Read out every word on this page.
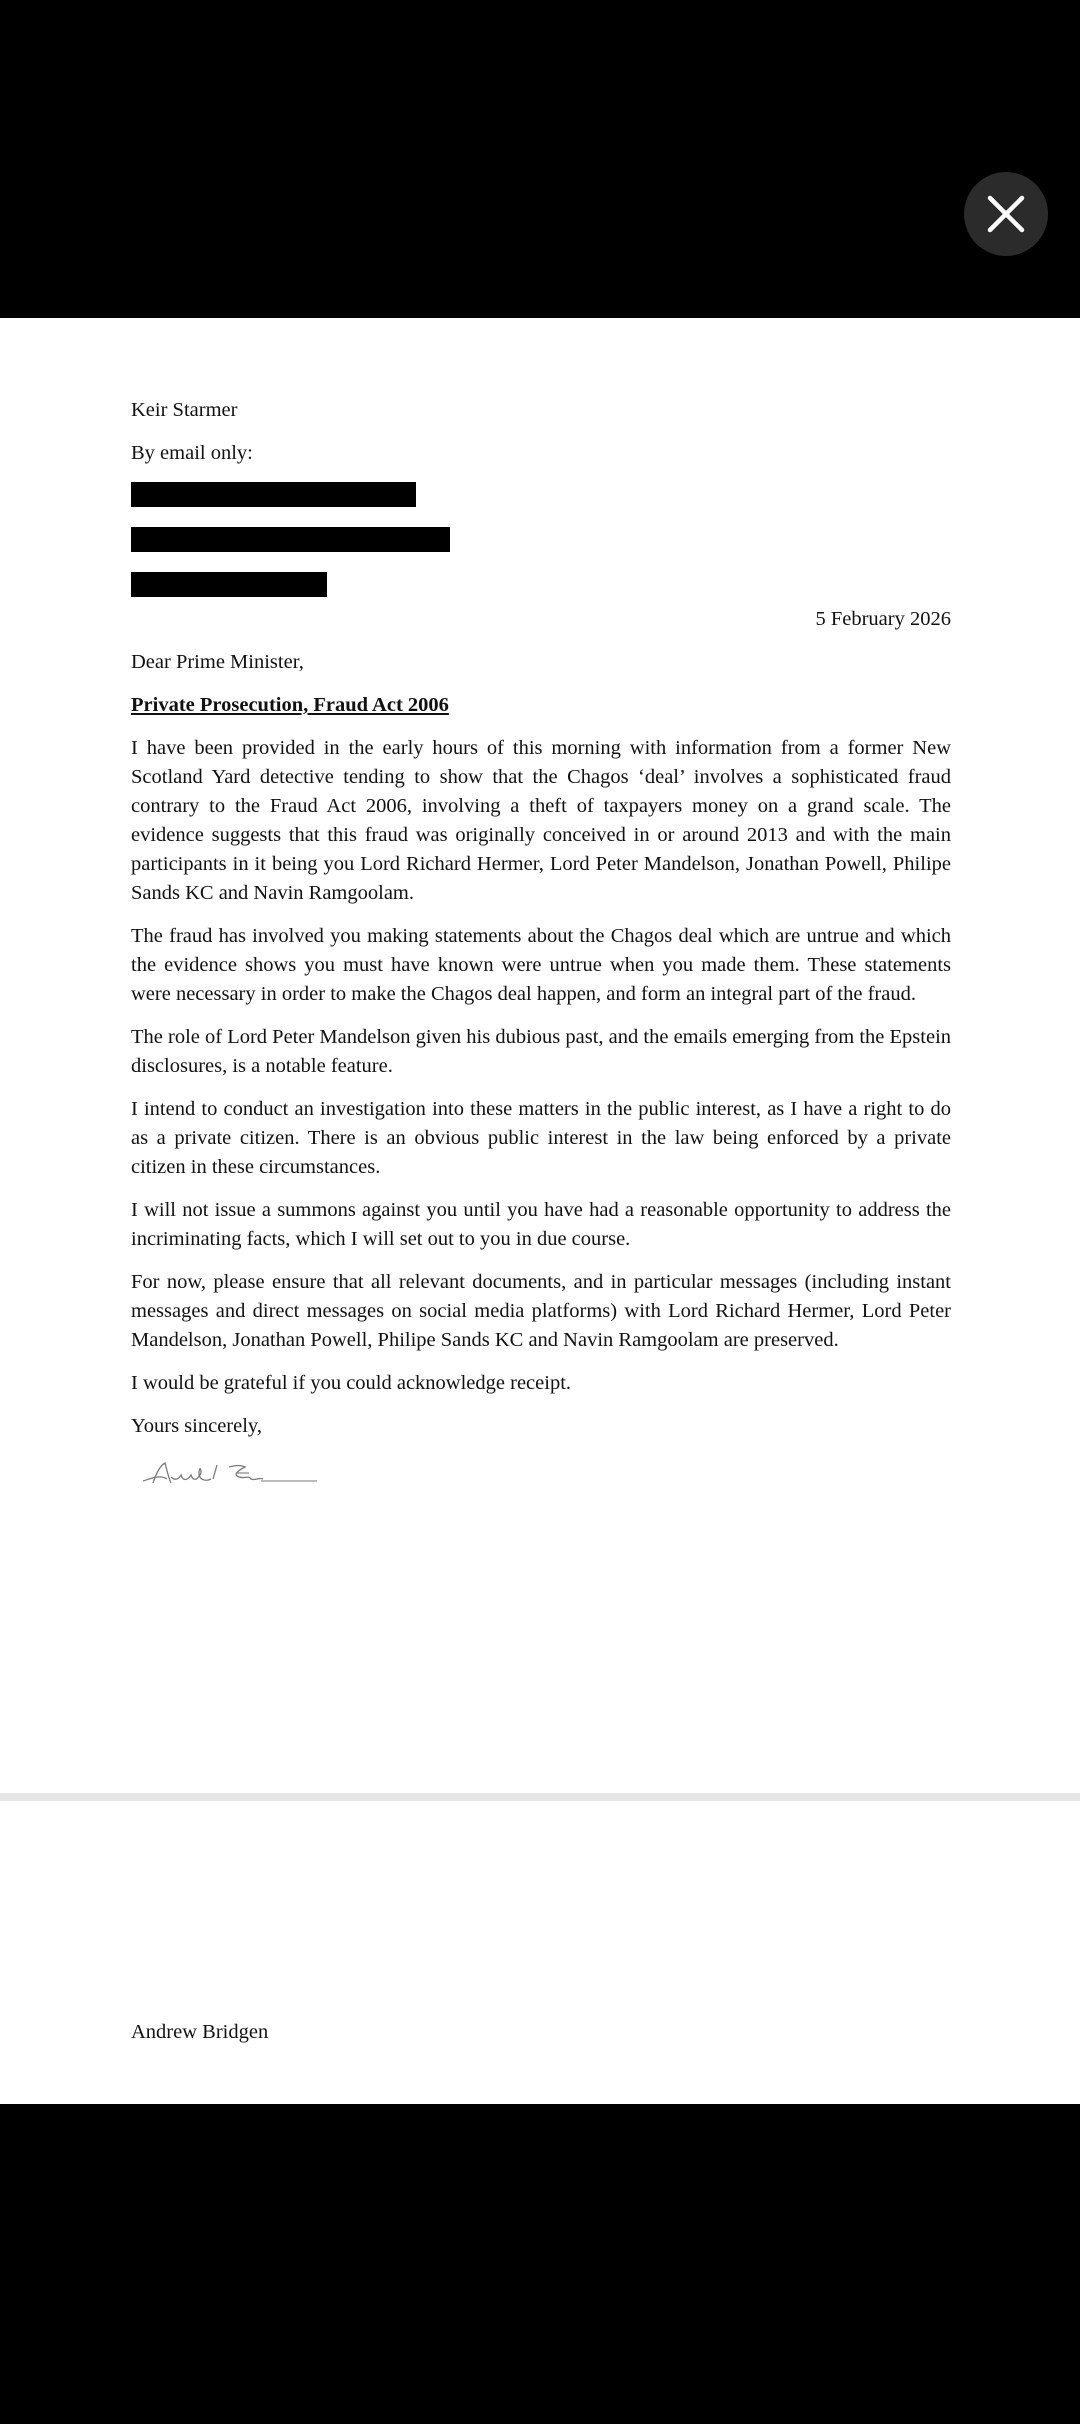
Keir Starmer

By email only:

5 February 2026

Dear Prime Minister,

Private Prosecution, Fraud Act 2006

I have been provided in the early hours of this morning with information from a former New Scotland Yard detective tending to show that the Chagos ‘deal’ involves a sophisticated fraud contrary to the Fraud Act 2006, involving a theft of taxpayers money on a grand scale. The evidence suggests that this fraud was originally conceived in or around 2013 and with the main participants in it being you Lord Richard Hermer, Lord Peter Mandelson, Jonathan Powell, Philipe Sands KC and Navin Ramgoolam.

The fraud has involved you making statements about the Chagos deal which are untrue and which the evidence shows you must have known were untrue when you made them. These statements were necessary in order to make the Chagos deal happen, and form an integral part of the fraud.

The role of Lord Peter Mandelson given his dubious past, and the emails emerging from the Epstein disclosures, is a notable feature.

I intend to conduct an investigation into these matters in the public interest, as I have a right to do as a private citizen. There is an obvious public interest in the law being enforced by a private citizen in these circumstances.

I will not issue a summons against you until you have had a reasonable opportunity to address the incriminating facts, which I will set out to you in due course.

For now, please ensure that all relevant documents, and in particular messages (including instant messages and direct messages on social media platforms) with Lord Richard Hermer, Lord Peter Mandelson, Jonathan Powell, Philipe Sands KC and Navin Ramgoolam are preserved.

I would be grateful if you could acknowledge receipt.

Yours sincerely,

Andrew Bridgen
